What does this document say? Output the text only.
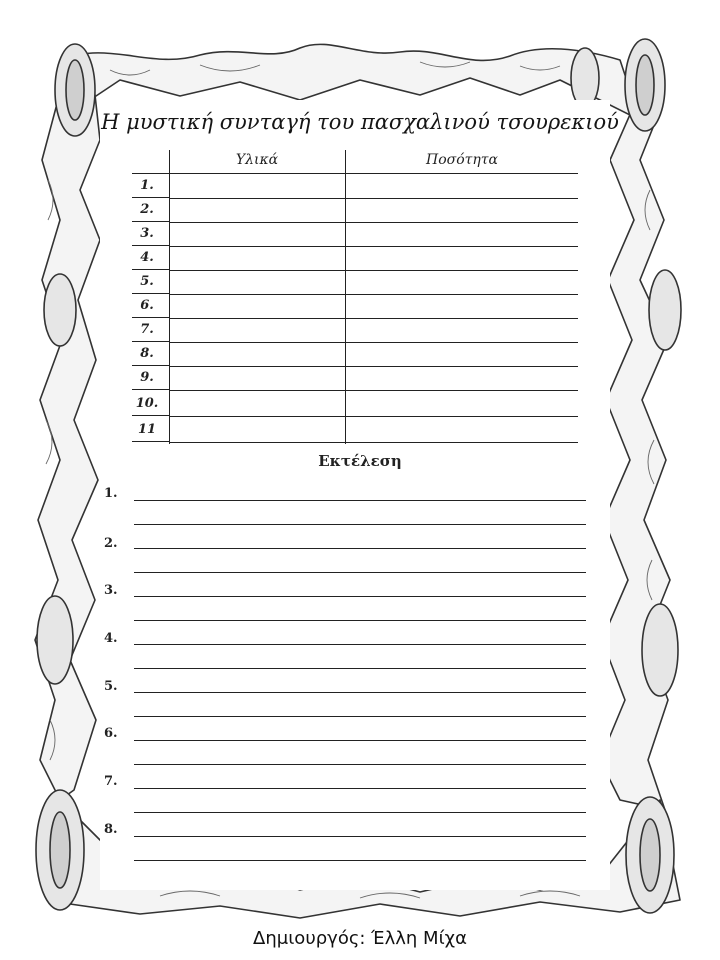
Η μυστική συνταγή του πασχαλινού τσουρεκιού
Υλικά	Ποσότητα
1.
2.
3.
4.
5.
6.
7.
8.
9.
10.
11
Εκτέλεση
1.
2.
3.
4.
5.
6.
7.
8.
Δημιουργός: Έλλη Μίχα
